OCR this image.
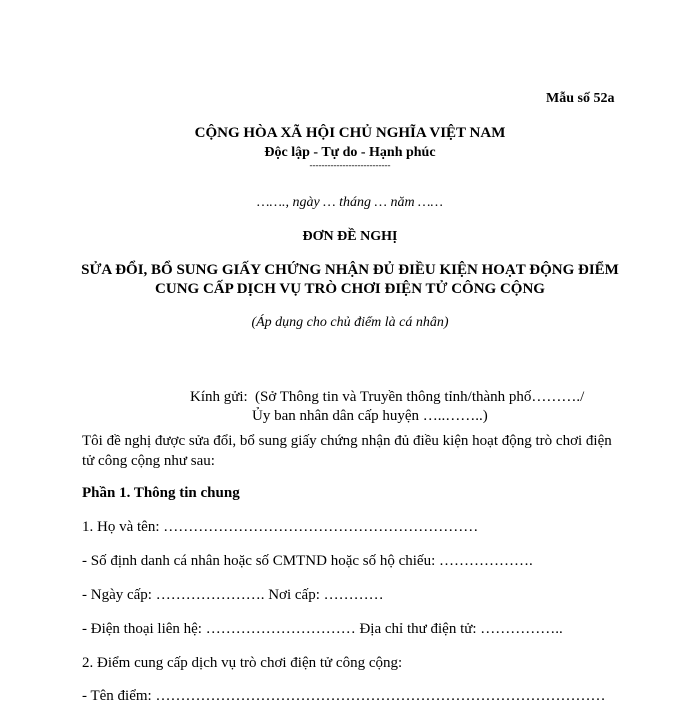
Mẫu số 52a
CỘNG HÒA XÃ HỘI CHỦ NGHĨA VIỆT NAM
Độc lập - Tự do - Hạnh phúc
---------------------------
……., ngày … tháng … năm ……
ĐƠN ĐỀ NGHỊ
SỬA ĐỔI, BỔ SUNG GIẤY CHỨNG NHẬN ĐỦ ĐIỀU KIỆN HOẠT ĐỘNG ĐIỂM
CUNG CẤP DỊCH VỤ TRÒ CHƠI ĐIỆN TỬ CÔNG CỘNG
(Áp dụng cho chủ điểm là cá nhân)
Kính gửi: (Sở Thông tin và Truyền thông tỉnh/thành phố………./
Ủy ban nhân dân cấp huyện …..……..)
Tôi đề nghị được sửa đổi, bổ sung giấy chứng nhận đủ điều kiện hoạt động trò chơi điện
tử công cộng như sau:
Phần 1. Thông tin chung
1. Họ và tên: ………………………………………………………
- Số định danh cá nhân hoặc số CMTND hoặc số hộ chiếu: ……………….
- Ngày cấp: …………………. Nơi cấp: …………
- Điện thoại liên hệ: ………………………… Địa chỉ thư điện tử: ……………..
2. Điểm cung cấp dịch vụ trò chơi điện tử công cộng:
- Tên điểm: ………………………………………………………………………………
